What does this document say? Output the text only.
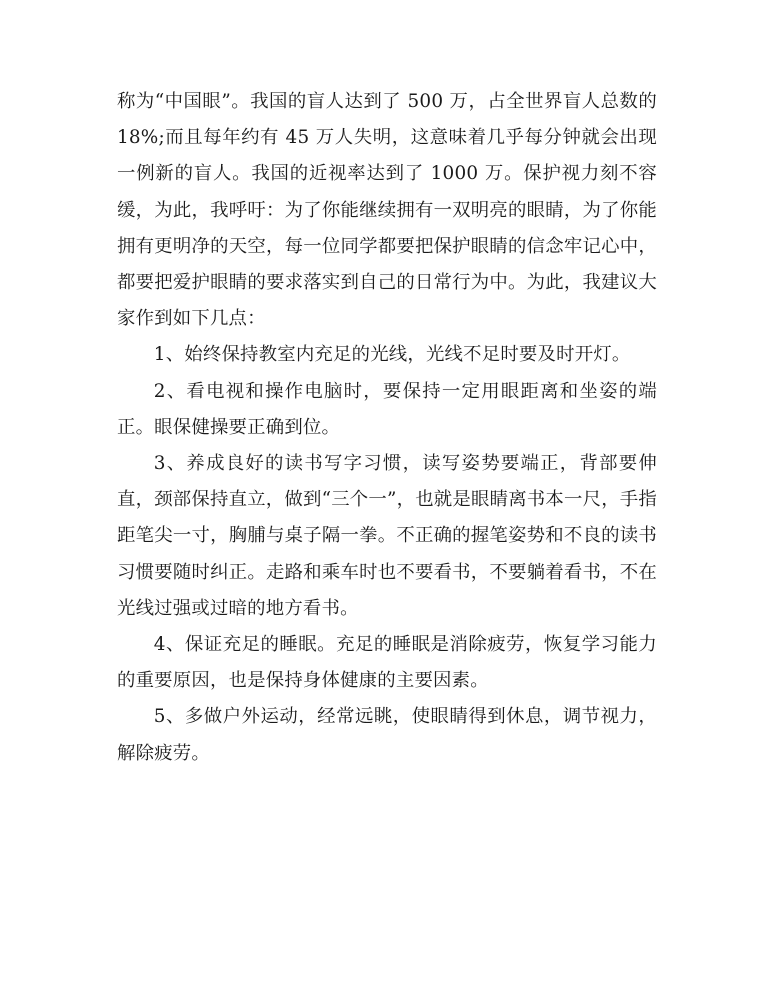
称为“中国眼”。我国的盲人达到了 500 万，占全世界盲人总数的 18%;而且每年约有 45 万人失明，这意味着几乎每分钟就会出现一例新的盲人。我国的近视率达到了 1000 万。保护视力刻不容缓，为此，我呼吁：为了你能继续拥有一双明亮的眼睛，为了你能拥有更明净的天空，每一位同学都要把保护眼睛的信念牢记心中，都要把爱护眼睛的要求落实到自己的日常行为中。为此，我建议大家作到如下几点：

1、始终保持教室内充足的光线，光线不足时要及时开灯。

2、看电视和操作电脑时，要保持一定用眼距离和坐姿的端正。眼保健操要正确到位。

3、养成良好的读书写字习惯，读写姿势要端正，背部要伸直，颈部保持直立，做到“三个一”，也就是眼睛离书本一尺，手指距笔尖一寸，胸脯与桌子隔一拳。不正确的握笔姿势和不良的读书习惯要随时纠正。走路和乘车时也不要看书，不要躺着看书，不在光线过强或过暗的地方看书。

4、保证充足的睡眠。充足的睡眠是消除疲劳，恢复学习能力的重要原因，也是保持身体健康的主要因素。

5、多做户外运动，经常远眺，使眼睛得到休息，调节视力，解除疲劳。
